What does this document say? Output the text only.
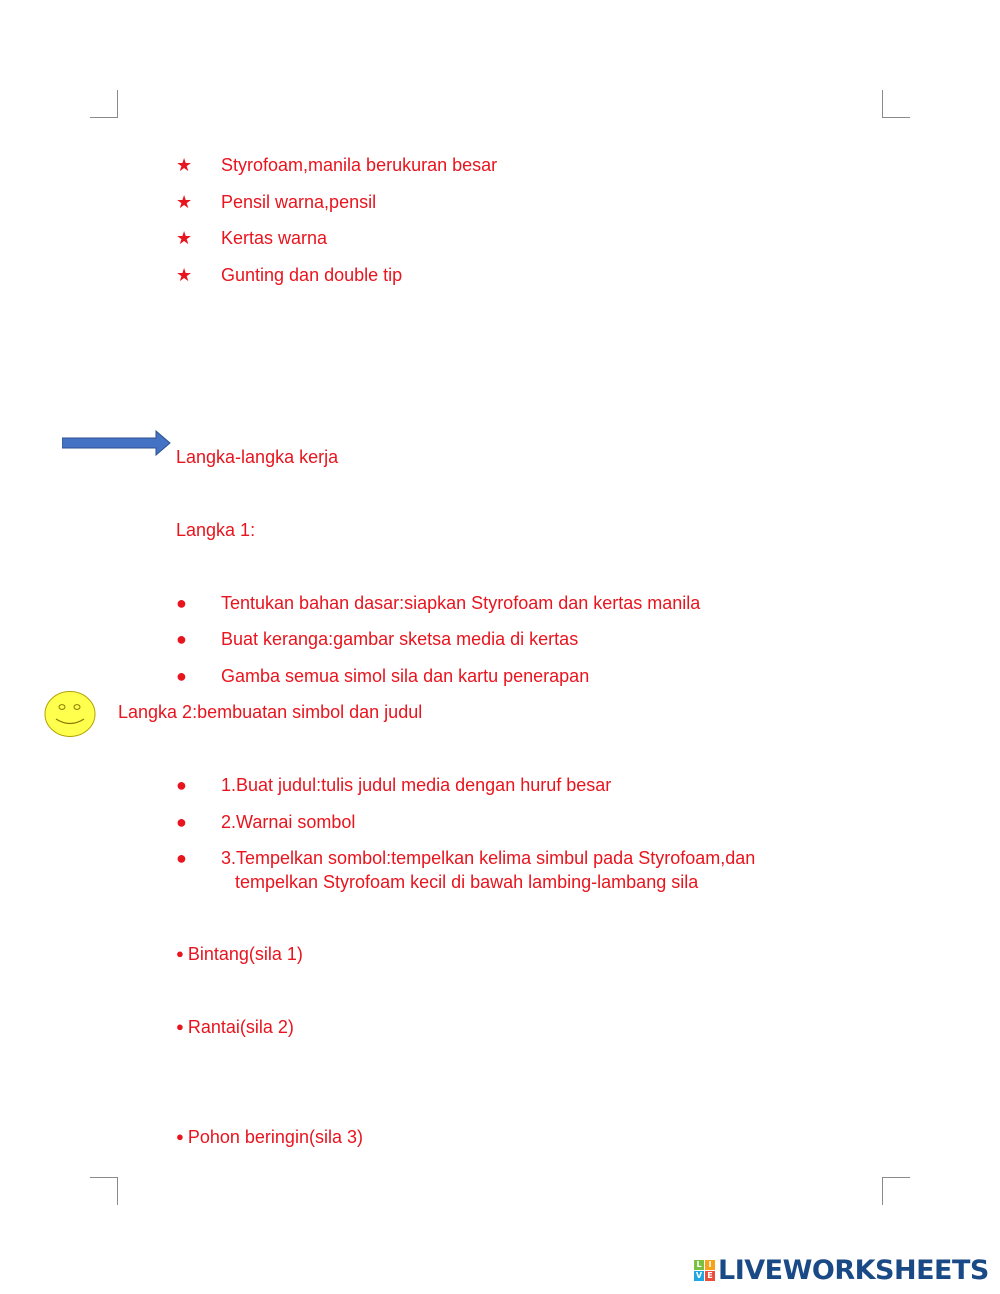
★ Styrofoam,manila berukuran besar
★ Pensil warna,pensil
★ Kertas warna
★ Gunting dan double tip
Langka-langka kerja
Langka 1:
● Tentukan bahan dasar:siapkan Styrofoam dan kertas manila
● Buat keranga:gambar sketsa media di kertas
● Gamba semua simol sila dan kartu penerapan
Langka 2:bembuatan simbol dan judul
● 1.Buat judul:tulis judul media dengan huruf besar
● 2.Warnai sombol
● 3.Tempelkan sombol:tempelkan kelima simbul pada Styrofoam,dan
tempelkan Styrofoam kecil di bawah lambing-lambang sila
● Bintang(sila 1)
● Rantai(sila 2)
● Pohon beringin(sila 3)
L I
V E LIVEWORKSHEETS
